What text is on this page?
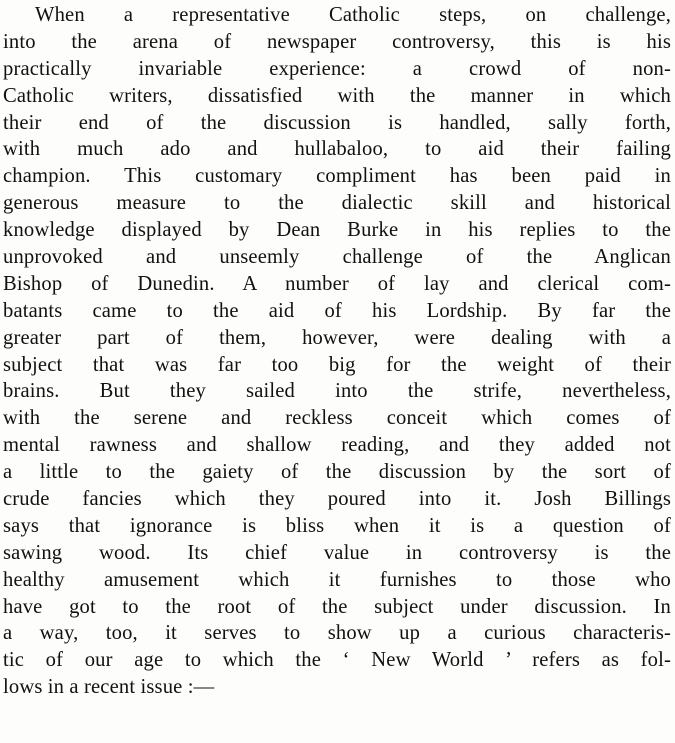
When a representative Catholic steps, on challenge,
into the arena of newspaper controversy, this is his
practically invariable experience: a crowd of non-
Catholic writers, dissatisfied with the manner in which
their end of the discussion is handled, sally forth,
with much ado and hullabaloo, to aid their failing
champion. This customary compliment has been paid in
generous measure to the dialectic skill and historical
knowledge displayed by Dean Burke in his replies to the
unprovoked and unseemly challenge of the Anglican
Bishop of Dunedin. A number of lay and clerical com-
batants came to the aid of his Lordship. By far the
greater part of them, however, were dealing with a
subject that was far too big for the weight of their
brains. But they sailed into the strife, nevertheless,
with the serene and reckless conceit which comes of
mental rawness and shallow reading, and they added not
a little to the gaiety of the discussion by the sort of
crude fancies which they poured into it. Josh Billings
says that ignorance is bliss when it is a question of
sawing wood. Its chief value in controversy is the
healthy amusement which it furnishes to those who
have got to the root of the subject under discussion. In
a way, too, it serves to show up a curious characteris-
tic of our age to which the ‘ New World ’ refers as fol-
lows in a recent issue :—
